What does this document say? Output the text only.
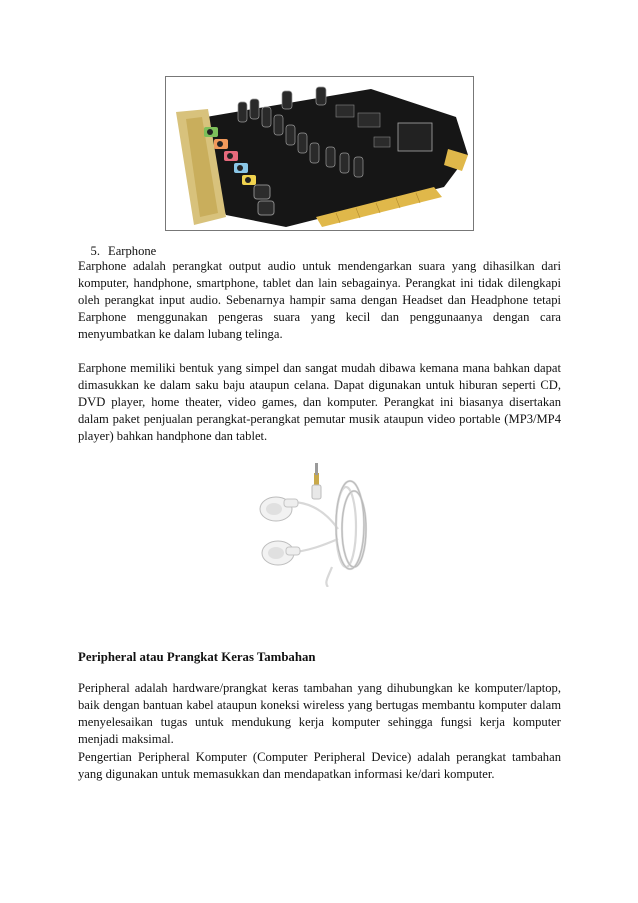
5. Earphone

Earphone adalah perangkat output audio untuk mendengarkan suara yang dihasilkan dari komputer, handphone, smartphone, tablet dan lain sebagainya. Perangkat ini tidak dilengkapi oleh perangkat input audio. Sebenarnya hampir sama dengan Headset dan Headphone tetapi Earphone menggunakan pengeras suara yang kecil dan penggunaanya dengan cara menyumbatkan ke dalam lubang telinga.

Earphone memiliki bentuk yang simpel dan sangat mudah dibawa kemana mana bahkan dapat dimasukkan ke dalam saku baju ataupun celana. Dapat digunakan untuk hiburan seperti CD, DVD player, home theater, video games, dan komputer. Perangkat ini biasanya disertakan dalam paket penjualan perangkat-perangkat pemutar musik ataupun video portable (MP3/MP4 player) bahkan handphone dan tablet.

Peripheral atau Prangkat Keras Tambahan

Peripheral adalah hardware/prangkat keras tambahan yang dihubungkan ke komputer/laptop, baik dengan bantuan kabel ataupun koneksi wireless yang bertugas membantu komputer dalam menyelesaikan tugas untuk mendukung kerja komputer sehingga fungsi kerja komputer menjadi maksimal.

Pengertian Peripheral Komputer (Computer Peripheral Device) adalah perangkat tambahan yang digunakan untuk memasukkan dan mendapatkan informasi ke/dari komputer.
